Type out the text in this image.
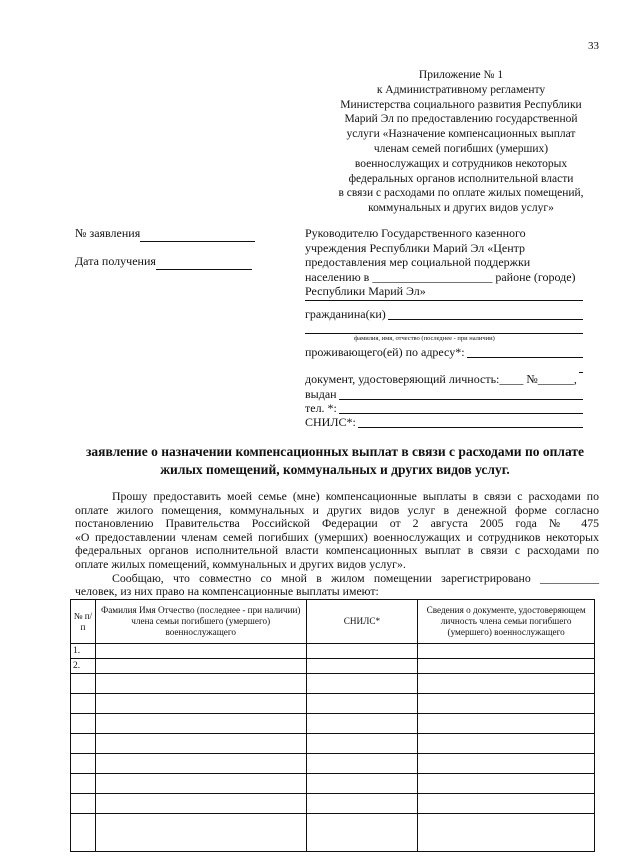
33
Приложение № 1
к Административному регламенту
Министерства социального развития Республики
Марий Эл по предоставлению государственной
услуги «Назначение компенсационных выплат
членам семей погибших (умерших)
военнослужащих и сотрудников некоторых
федеральных органов исполнительной власти
в связи с расходами по оплате жилых помещений,
коммунальных и других видов услуг»
№ заявления
Дата получения
Руководителю Государственного казенного
учреждения Республики Марий Эл «Центр
предоставления мер социальной поддержки
населению в ____________________ районе (городе)
Республики Марий Эл»
гражданина(ки)
фамилия, имя, отчество (последнее - при наличии)
проживающего(ей) по адресу*:
документ, удостоверяющий личность:____ №______,
выдан
тел. *:
СНИЛС*:
заявление о назначении компенсационных выплат в связи с расходами по оплате
жилых помещений, коммунальных и других видов услуг.

Прошу предоставить моей семье (мне) компенсационные выплаты в связи с расходами по

оплате жилого помещения, коммунальных и других видов услуг в денежной форме согласно

постановлению Правительства Российской Федерации от 2 августа 2005 года № 475

«О предоставлении членам семей погибших (умерших) военнослужащих и сотрудников некоторых

федеральных органов исполнительной власти компенсационных выплат в связи с расходами по

оплате жилых помещений, коммунальных и других видов услуг».

Сообщаю, что совместно со мной в жилом помещении зарегистрировано __________

человек, из них право на компенсационные выплаты имеют:

№ п/п	Фамилия Имя Отчество (последнее - при наличии) члена семьи погибшего (умершего) военнослужащего	СНИЛС*	Сведения о документе, удостоверяющем личность члена семьи погибшего (умершего) военнослужащего
1.			
2.			
